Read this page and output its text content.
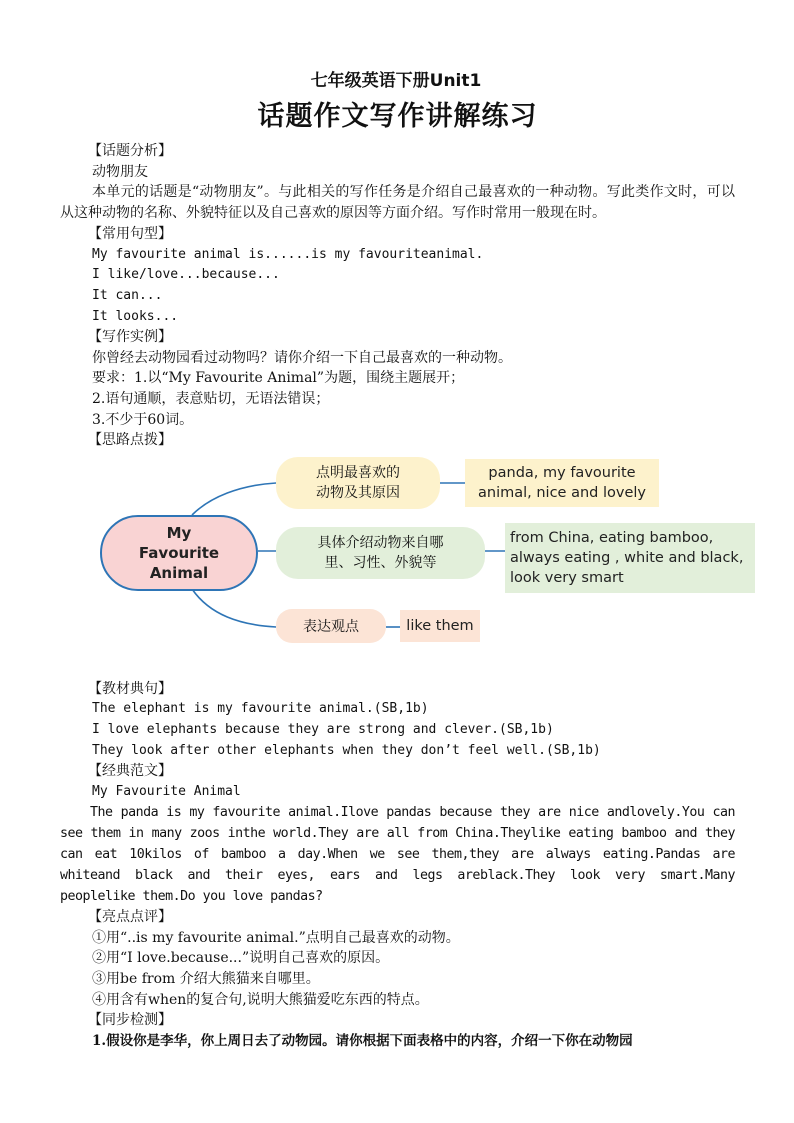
七年级英语下册Unit1
话题作文写作讲解练习
【话题分析】
动物朋友
本单元的话题是“动物朋友”。与此相关的写作任务是介绍自己最喜欢的一种动物。写此类作文时，可以从这种动物的名称、外貌特征以及自己喜欢的原因等方面介绍。写作时常用一般现在时。
【常用句型】
My favourite animal is......is my favouriteanimal.
I like/love...because...
It can...
It looks...
【写作实例】
你曾经去动物园看过动物吗？请你介绍一下自己最喜欢的一种动物。
要求：1.以“My Favourite Animal”为题，围绕主题展开；
2.语句通顺，表意贴切，无语法错误；
3.不少于60词。
【思路点拨】
My
Favourite
Animal
点明最喜欢的
动物及其原因
panda, my favourite
animal, nice and lovely
具体介绍动物来自哪
里、习性、外貌等
from China, eating bamboo,
always eating , white and black,
look very smart
表达观点	like them
【教材典句】
The elephant is my favourite animal.(SB,1b)
I love elephants because they are strong and clever.(SB,1b)
They look after other elephants when they don’t feel well.(SB,1b)
【经典范文】
My Favourite Animal
The panda is my favourite animal.Ilove pandas because they are nice andlovely.You can see them in many zoos inthe world.They are all from China.Theylike eating bamboo and they can eat 10kilos of bamboo a day.When we see them,they are always eating.Pandas are whiteand black and their eyes, ears and legs areblack.They look very smart.Many peoplelike them.Do you love pandas?
【亮点点评】
①用“..is my favourite animal.”点明自己最喜欢的动物。
②用“I love.because...”说明自己喜欢的原因。
③用be from 介绍大熊猫来自哪里。
④用含有when的复合句,说明大熊猫爱吃东西的特点。
【同步检测】
1.假设你是李华，你上周日去了动物园。请你根据下面表格中的内容，介绍一下你在动物园
